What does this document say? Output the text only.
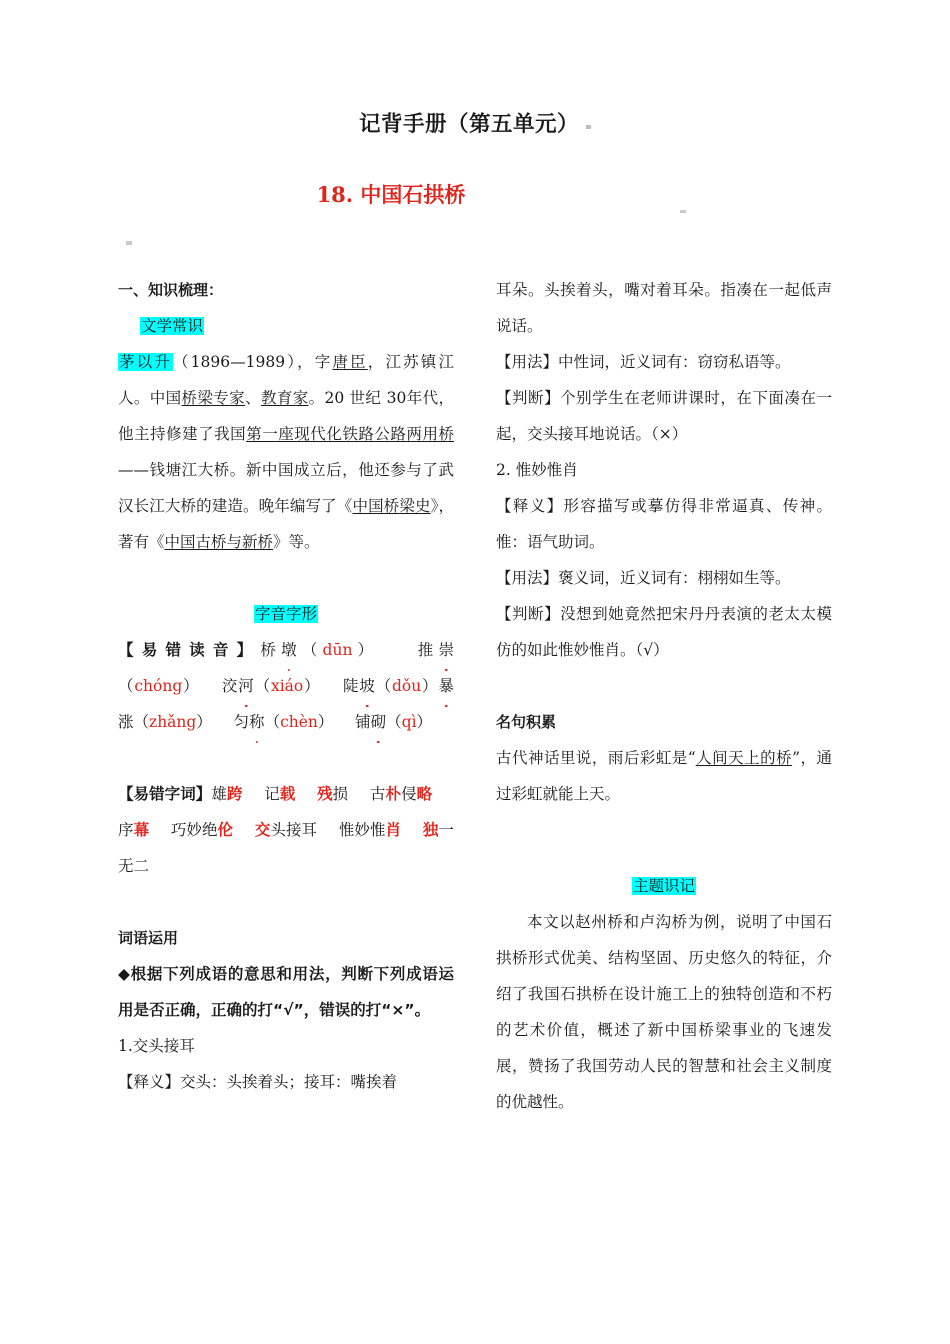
记背手册（第五单元）
18. 中国石拱桥

一、知识梳理：

文学常识

茅以升（1896—1989），字唐臣，江苏镇江人。中国桥梁专家、教育家。20 世纪 30年代，他主持修建了我国第一座现代化铁路公路两用桥——钱塘江大桥。新中国成立后，他还参与了武汉长江大桥的建造。晚年编写了《中国桥梁史》，著有《中国古桥与新桥》等。

字音字形

【易错读音】桥墩（dūn） 推崇（chóng） 洨河（xiáo） 陡坡（dǒu）暴涨（zhǎng） 匀称（chèn） 铺砌（qì）

【易错字词】雄跨 记载 残损 古朴侵略序幕 巧妙绝伦 交头接耳 惟妙惟肖 独一无二

词语运用

◆根据下列成语的意思和用法，判断下列成语运用是否正确，正确的打“√”，错误的打“×”。

1.交头接耳

【释义】交头：头挨着头；接耳：嘴挨着

耳朵。头挨着头，嘴对着耳朵。指凑在一起低声说话。

【用法】中性词，近义词有：窃窃私语等。

【判断】个别学生在老师讲课时，在下面凑在一起，交头接耳地说话。（×）

2. 惟妙惟肖

【释义】形容描写或摹仿得非常逼真、传神。惟：语气助词。

【用法】褒义词，近义词有：栩栩如生等。

【判断】没想到她竟然把宋丹丹表演的老太太模仿的如此惟妙惟肖。（√）

名句积累

古代神话里说，雨后彩虹是“人间天上的桥”，通过彩虹就能上天。

主题识记

本文以赵州桥和卢沟桥为例，说明了中国石拱桥形式优美、结构坚固、历史悠久的特征，介绍了我国石拱桥在设计施工上的独特创造和不朽的艺术价值，概述了新中国桥梁事业的飞速发展，赞扬了我国劳动人民的智慧和社会主义制度的优越性。
